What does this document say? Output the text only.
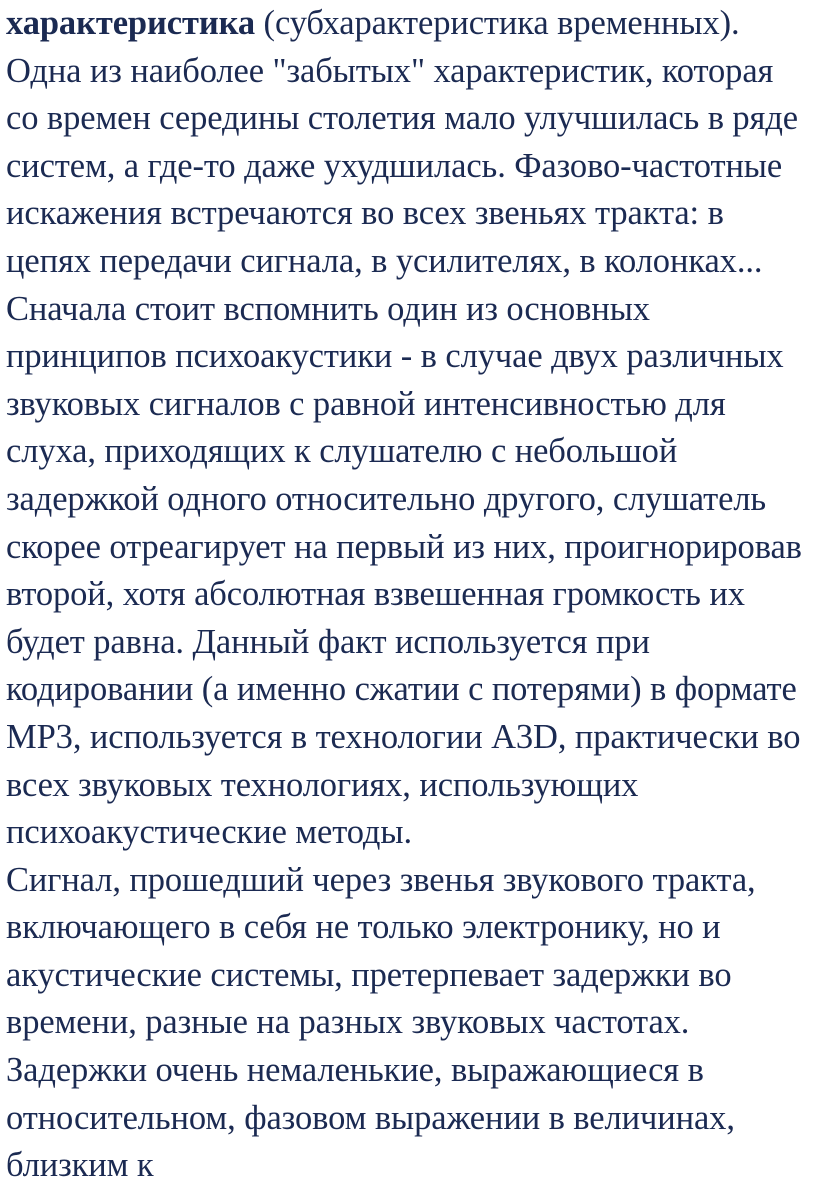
характеристика (субхарактеристика временных).

Одна из наиболее "забытых" характеристик, которая со времен середины столетия мало улучшилась в ряде систем, а где-то даже ухудшилась. Фазово-частотные искажения встречаются во всех звеньях тракта: в цепях передачи сигнала, в усилителях, в колонках...

Сначала стоит вспомнить один из основных принципов психоакустики - в случае двух различных звуковых сигналов с равной интенсивностью для слуха, приходящих к слушателю с небольшой задержкой одного относительно другого, слушатель скорее отреагирует на первый из них, проигнорировав второй, хотя абсолютная взвешенная громкость их будет равна. Данный факт используется при кодировании (а именно сжатии с потерями) в формате MP3, используется в технологии A3D, практически во всех звуковых технологиях, использующих психоакустические методы.

Сигнал, прошедший через звенья звукового тракта, включающего в себя не только электронику, но и акустические системы, претерпевает задержки во времени, разные на разных звуковых частотах. Задержки очень немаленькие, выражающиеся в относительном, фазовом выражении в величинах, близким к
